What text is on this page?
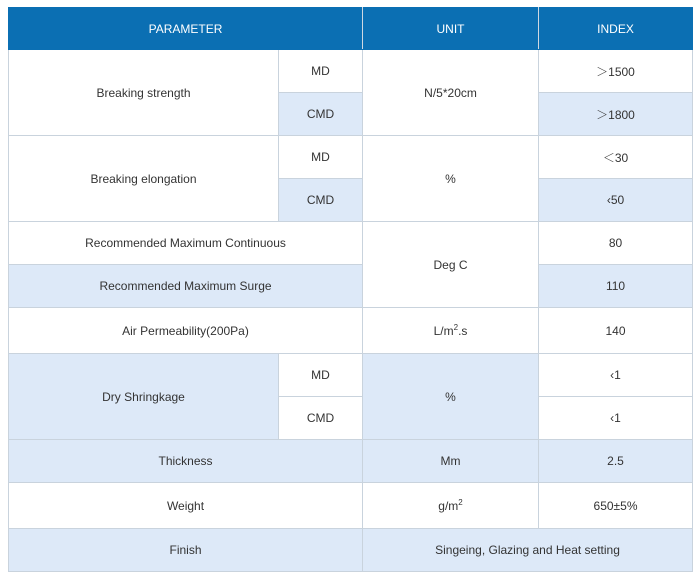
PARAMETER		UNIT	INDEX
Breaking strength	MD	N/5*20cm	＞1500
	CMD		＞1800
Breaking elongation	MD	%	＜30
	CMD		‹50
Recommended Maximum Continuous		Deg C	80
Recommended Maximum Surge			110
Air Permeability(200Pa)		$L/m^2.s$	140
Dry Shringkage	MD	%	‹1
	CMD		‹1
Thickness		Mm	2.5
Weight		$g/m^2$	650±5%
Finish		Singeing, Glazing and Heat setting	
